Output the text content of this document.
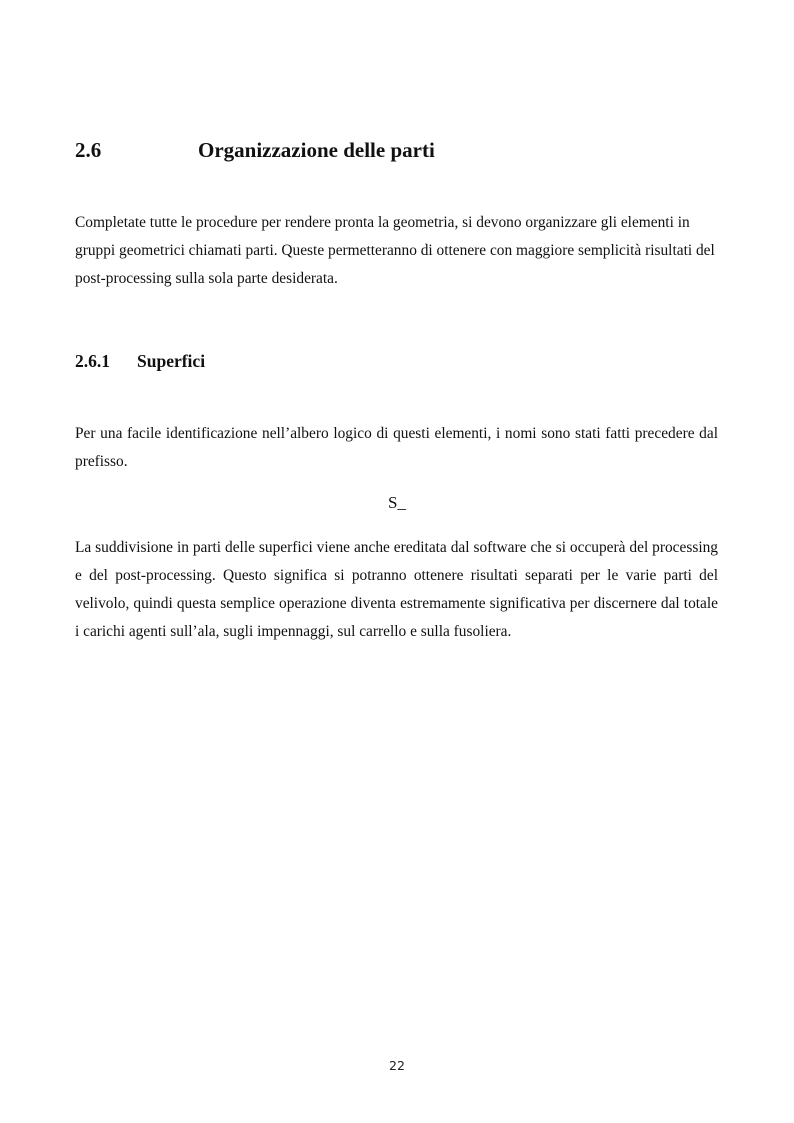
2.6	Organizzazione delle parti

Completate tutte le procedure per rendere pronta la geometria, si devono organizzare gli elementi in gruppi geometrici chiamati parti. Queste permetteranno di ottenere con maggiore semplicità risultati del post-processing sulla sola parte desiderata.

2.6.1 Superfici

Per una facile identificazione nell’albero logico di questi elementi, i nomi sono stati fatti precedere dal prefisso.

S_

La suddivisione in parti delle superfici viene anche ereditata dal software che si occuperà del processing e del post-processing. Questo significa si potranno ottenere risultati separati per le varie parti del velivolo, quindi questa semplice operazione diventa estremamente significativa per discernere dal totale i carichi agenti sull’ala, sugli impennaggi, sul carrello e sulla fusoliera.

22
